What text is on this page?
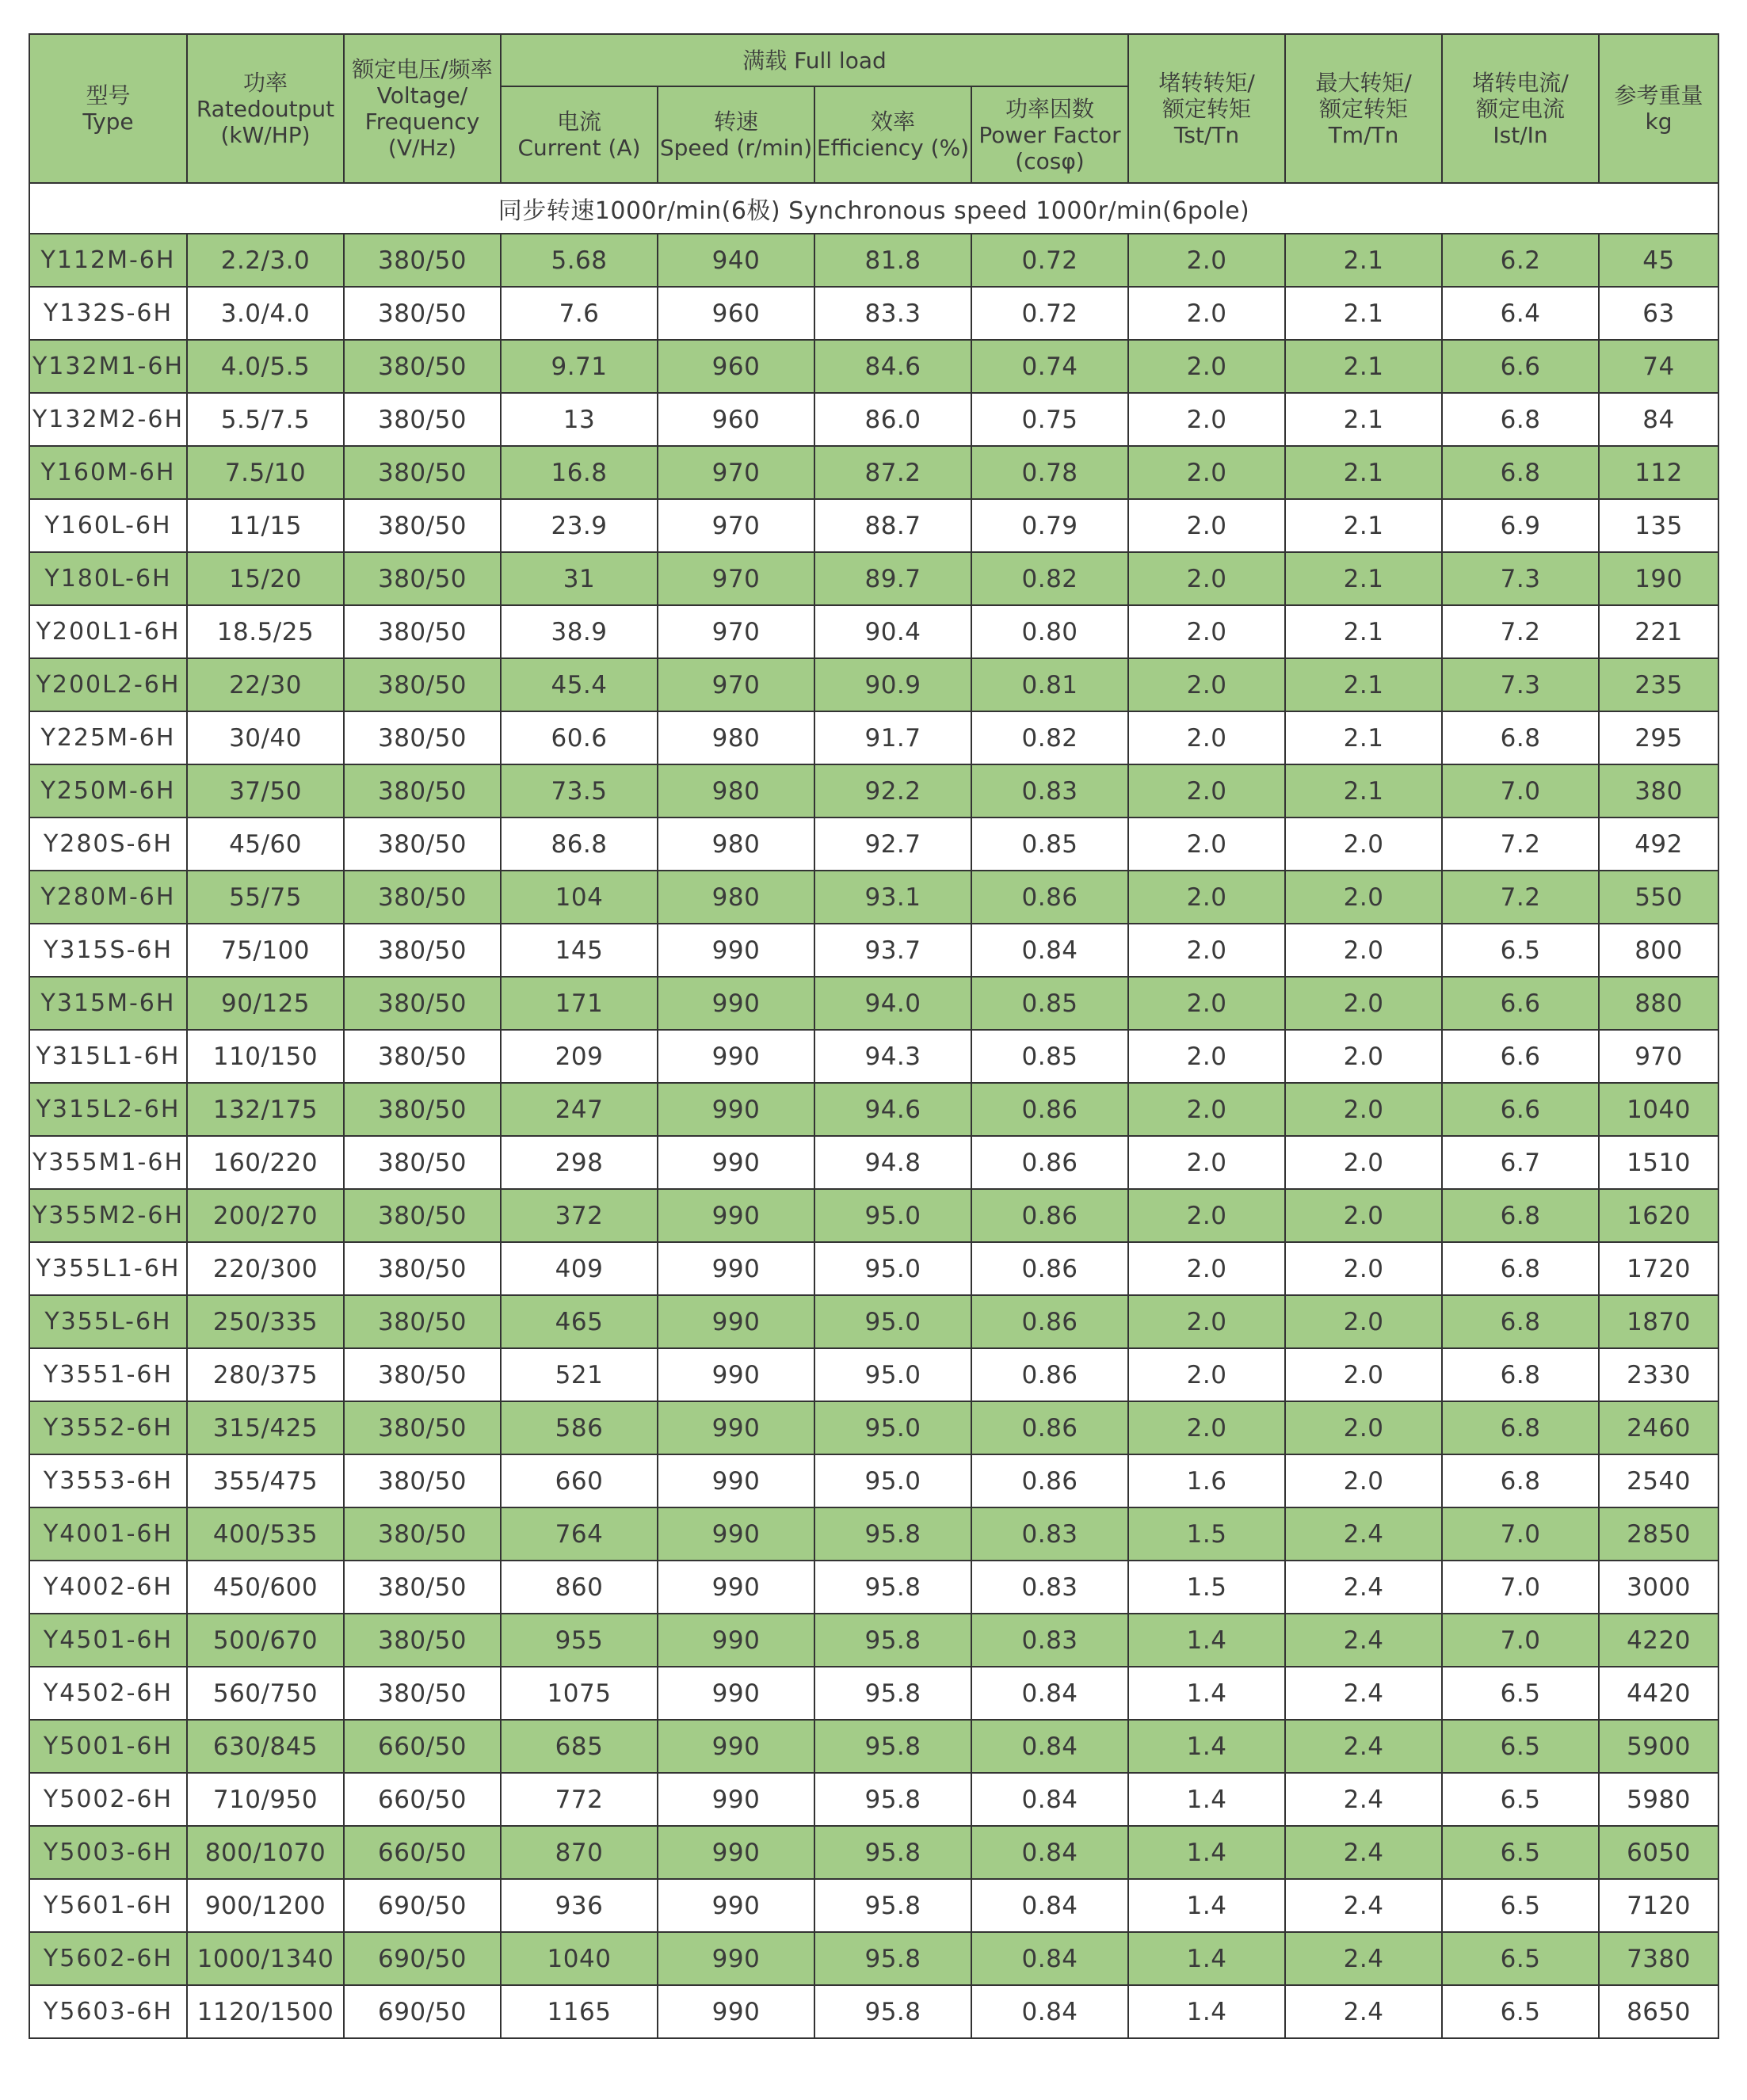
型号
Type	功率
Ratedoutput
(kW/HP)	额定电压/频率
Voltage/
Frequency
(V/Hz)	满载 Full load				堵转转矩/
额定转矩
Tst/Tn	最大转矩/
额定转矩
Tm/Tn	堵转电流/
额定电流
Ist/In	参考重量
kg

			电流
Current (A)	转速
Speed (r/min)	效率
Efficiency (%)	功率因数
Power Factor
(cosφ)				

同步转速1000r/min(6极) Synchronous speed 1000r/min(6pole)										
Y112M-6H	2.2/3.0	380/50	5.68	940	81.8	0.72	2.0	2.1	6.2	45
Y132S-6H	3.0/4.0	380/50	7.6	960	83.3	0.72	2.0	2.1	6.4	63
Y132M1-6H	4.0/5.5	380/50	9.71	960	84.6	0.74	2.0	2.1	6.6	74
Y132M2-6H	5.5/7.5	380/50	13	960	86.0	0.75	2.0	2.1	6.8	84
Y160M-6H	7.5/10	380/50	16.8	970	87.2	0.78	2.0	2.1	6.8	112
Y160L-6H	11/15	380/50	23.9	970	88.7	0.79	2.0	2.1	6.9	135
Y180L-6H	15/20	380/50	31	970	89.7	0.82	2.0	2.1	7.3	190
Y200L1-6H	18.5/25	380/50	38.9	970	90.4	0.80	2.0	2.1	7.2	221
Y200L2-6H	22/30	380/50	45.4	970	90.9	0.81	2.0	2.1	7.3	235
Y225M-6H	30/40	380/50	60.6	980	91.7	0.82	2.0	2.1	6.8	295
Y250M-6H	37/50	380/50	73.5	980	92.2	0.83	2.0	2.1	7.0	380
Y280S-6H	45/60	380/50	86.8	980	92.7	0.85	2.0	2.0	7.2	492
Y280M-6H	55/75	380/50	104	980	93.1	0.86	2.0	2.0	7.2	550
Y315S-6H	75/100	380/50	145	990	93.7	0.84	2.0	2.0	6.5	800
Y315M-6H	90/125	380/50	171	990	94.0	0.85	2.0	2.0	6.6	880
Y315L1-6H	110/150	380/50	209	990	94.3	0.85	2.0	2.0	6.6	970
Y315L2-6H	132/175	380/50	247	990	94.6	0.86	2.0	2.0	6.6	1040
Y355M1-6H	160/220	380/50	298	990	94.8	0.86	2.0	2.0	6.7	1510
Y355M2-6H	200/270	380/50	372	990	95.0	0.86	2.0	2.0	6.8	1620
Y355L1-6H	220/300	380/50	409	990	95.0	0.86	2.0	2.0	6.8	1720
Y355L-6H	250/335	380/50	465	990	95.0	0.86	2.0	2.0	6.8	1870
Y3551-6H	280/375	380/50	521	990	95.0	0.86	2.0	2.0	6.8	2330
Y3552-6H	315/425	380/50	586	990	95.0	0.86	2.0	2.0	6.8	2460
Y3553-6H	355/475	380/50	660	990	95.0	0.86	1.6	2.0	6.8	2540
Y4001-6H	400/535	380/50	764	990	95.8	0.83	1.5	2.4	7.0	2850
Y4002-6H	450/600	380/50	860	990	95.8	0.83	1.5	2.4	7.0	3000
Y4501-6H	500/670	380/50	955	990	95.8	0.83	1.4	2.4	7.0	4220
Y4502-6H	560/750	380/50	1075	990	95.8	0.84	1.4	2.4	6.5	4420
Y5001-6H	630/845	660/50	685	990	95.8	0.84	1.4	2.4	6.5	5900
Y5002-6H	710/950	660/50	772	990	95.8	0.84	1.4	2.4	6.5	5980
Y5003-6H	800/1070	660/50	870	990	95.8	0.84	1.4	2.4	6.5	6050
Y5601-6H	900/1200	690/50	936	990	95.8	0.84	1.4	2.4	6.5	7120
Y5602-6H	1000/1340	690/50	1040	990	95.8	0.84	1.4	2.4	6.5	7380
Y5603-6H	1120/1500	690/50	1165	990	95.8	0.84	1.4	2.4	6.5	8650
